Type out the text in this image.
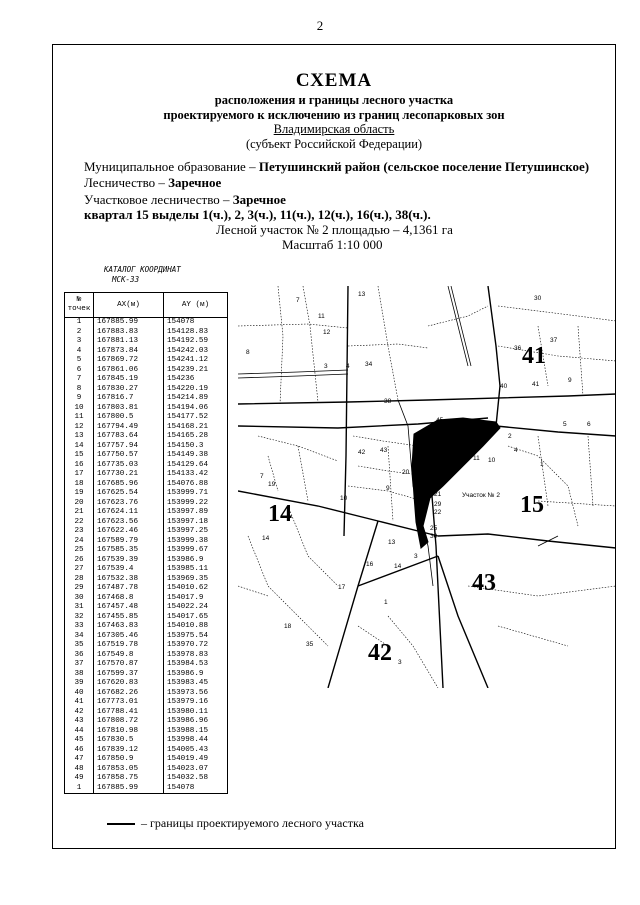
2
СХЕМА
расположения и границы лесного участка
проектируемого к исключению из границ лесопарковых зон
Владимирская область
(субъект Российской Федерации)
Муниципальное образование – Петушинский район (сельское поселение Петушинское)
Лесничество – Заречное
Участковое лесничество – Заречное
квартал 15 выделы 1(ч.), 2, 3(ч.), 11(ч.), 12(ч.), 16(ч.), 38(ч.).
Лесной участок № 2 площадью – 4,1361 га
Масштаб 1:10 000
КАТАЛОГ КООРДИНАТ
МСК-33
№ точек	AX(м)	AY (м)
1	167885.99	154078
2	167883.83	154128.83
3	167881.13	154192.59
4	167873.84	154242.03
5	167869.72	154241.12
6	167861.06	154239.21
7	167845.19	154236
8	167830.27	154220.19
9	167816.7	154214.89
10	167803.81	154194.06
11	167800.5	154177.52
12	167794.49	154168.21
13	167783.64	154165.28
14	167757.94	154150.3
15	167750.57	154149.38
16	167735.03	154129.64
17	167730.21	154133.42
18	167685.96	154076.88
19	167625.54	153999.71
20	167623.76	153999.22
21	167624.11	153997.89
22	167623.56	153997.18
23	167622.46	153997.25
24	167589.79	153999.38
25	167585.35	153999.67
26	167539.39	153986.9
27	167539.4	153985.11
28	167532.38	153969.35
29	167487.78	154010.62
30	167468.8	154017.9
31	167457.48	154022.24
32	167455.85	154017.65
33	167463.83	154010.88
34	167305.46	153975.54
35	167519.78	153970.72
36	167549.8	153978.83
37	167570.87	153984.53
38	167599.37	153986.9
39	167620.83	153983.45
40	167682.26	153973.56
41	167773.01	153979.16
42	167788.41	153980.11
43	167808.72	153986.96
44	167810.98	153988.15
45	167830.5	153998.44
46	167839.12	154005.43
47	167850.9	154019.49
48	167853.05	154023.07
49	167858.75	154032.58
1	167885.99	154078
41
14	15
43
42
7
8
11
12
13
3	4 34
38
36
30
37
40	41
9
43
42
10
9
13
14
16
17
35
5	6
2
4
1
14
10
19
11
22
20
25
29
30
18
21
3
7
1
3
39
45
Участок № 2
– границы проектируемого лесного участка
